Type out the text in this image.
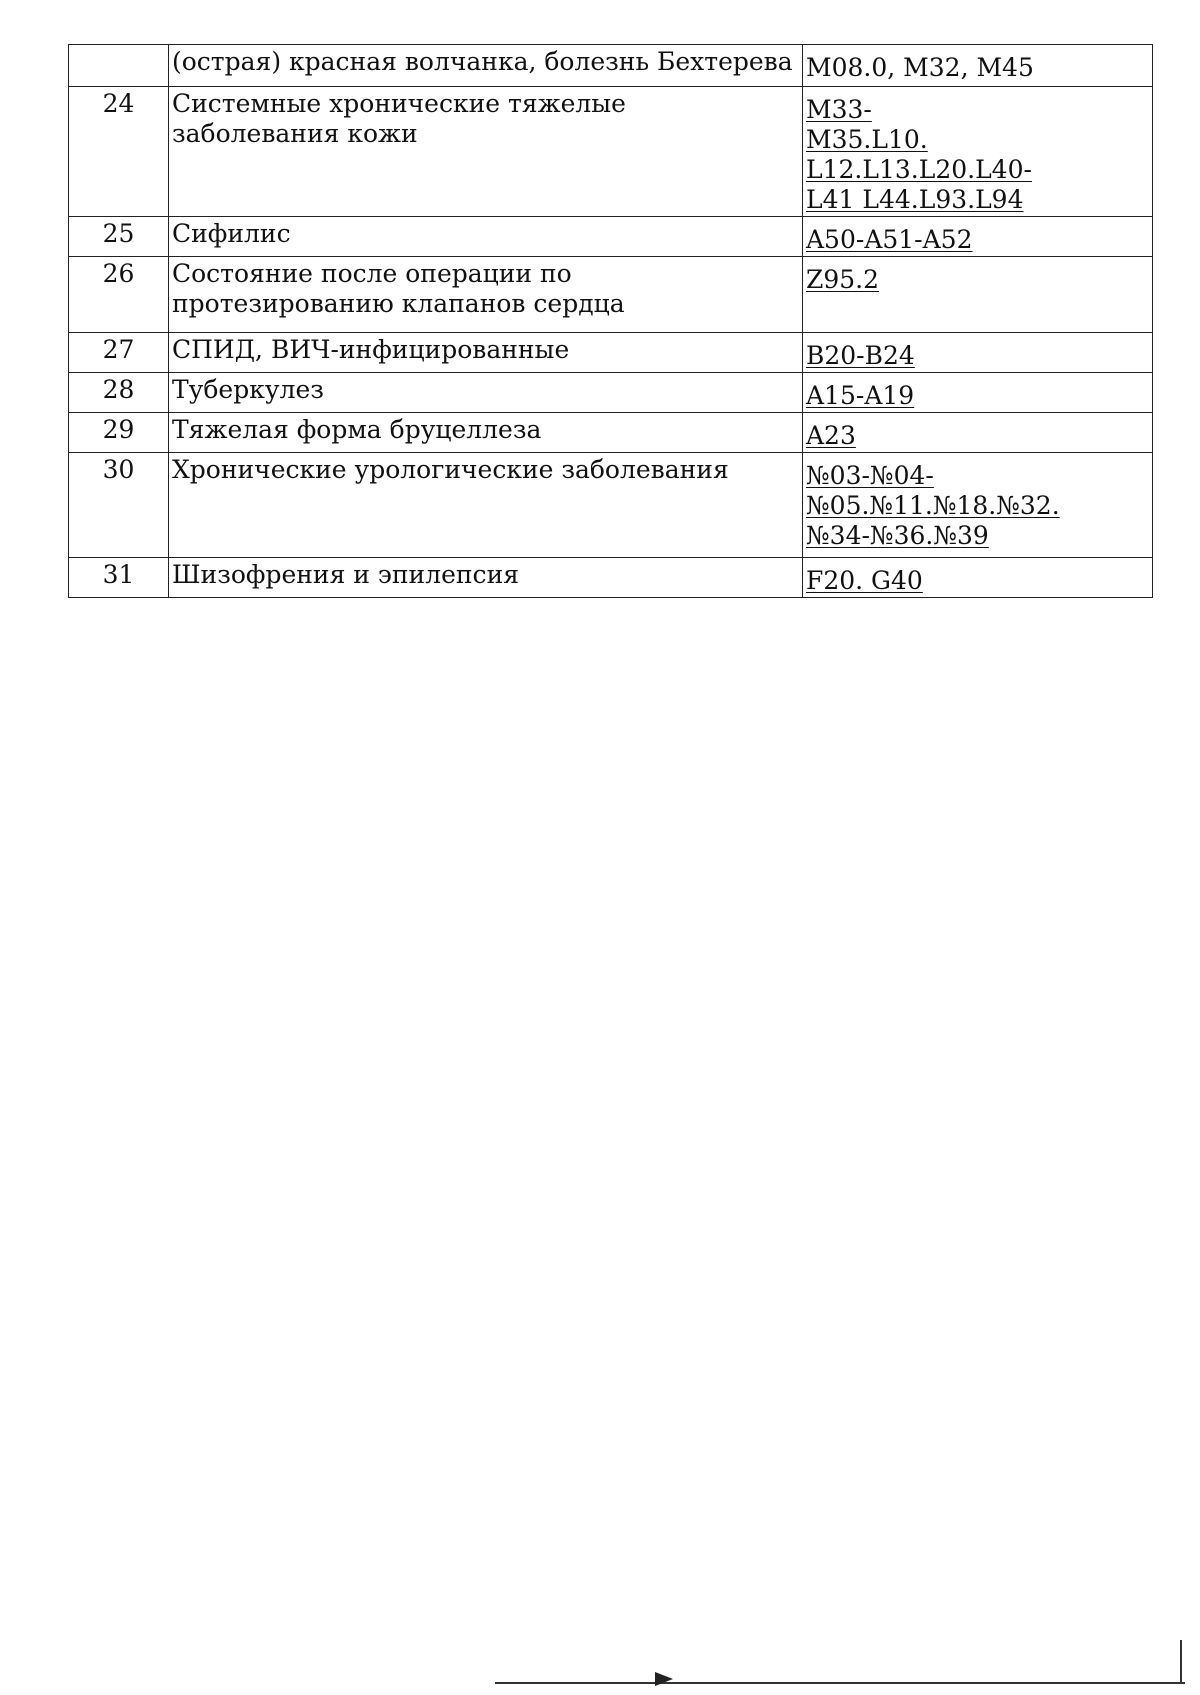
	(острая) красная волчанка, болезнь Бехтерева	M08.0, M32, M45
24	Системные хронические тяжелые заболевания кожи	M33-
M35.L10. L12.L13.L20.L40-
L41 L44.L93.L94
25	Сифилис	A50-A51-A52
26	Состояние после операции по протезированию клапанов сердца	Z95.2
27	СПИД, ВИЧ-инфицированные	B20-B24
28	Туберкулез	A15-A19
29	Тяжелая форма бруцеллеза	A23
30	Хронические урологические заболевания	№03-№04-
№05.№11.№18.№32.
№34-№36.№39
31	Шизофрения и эпилепсия	F20. G40
